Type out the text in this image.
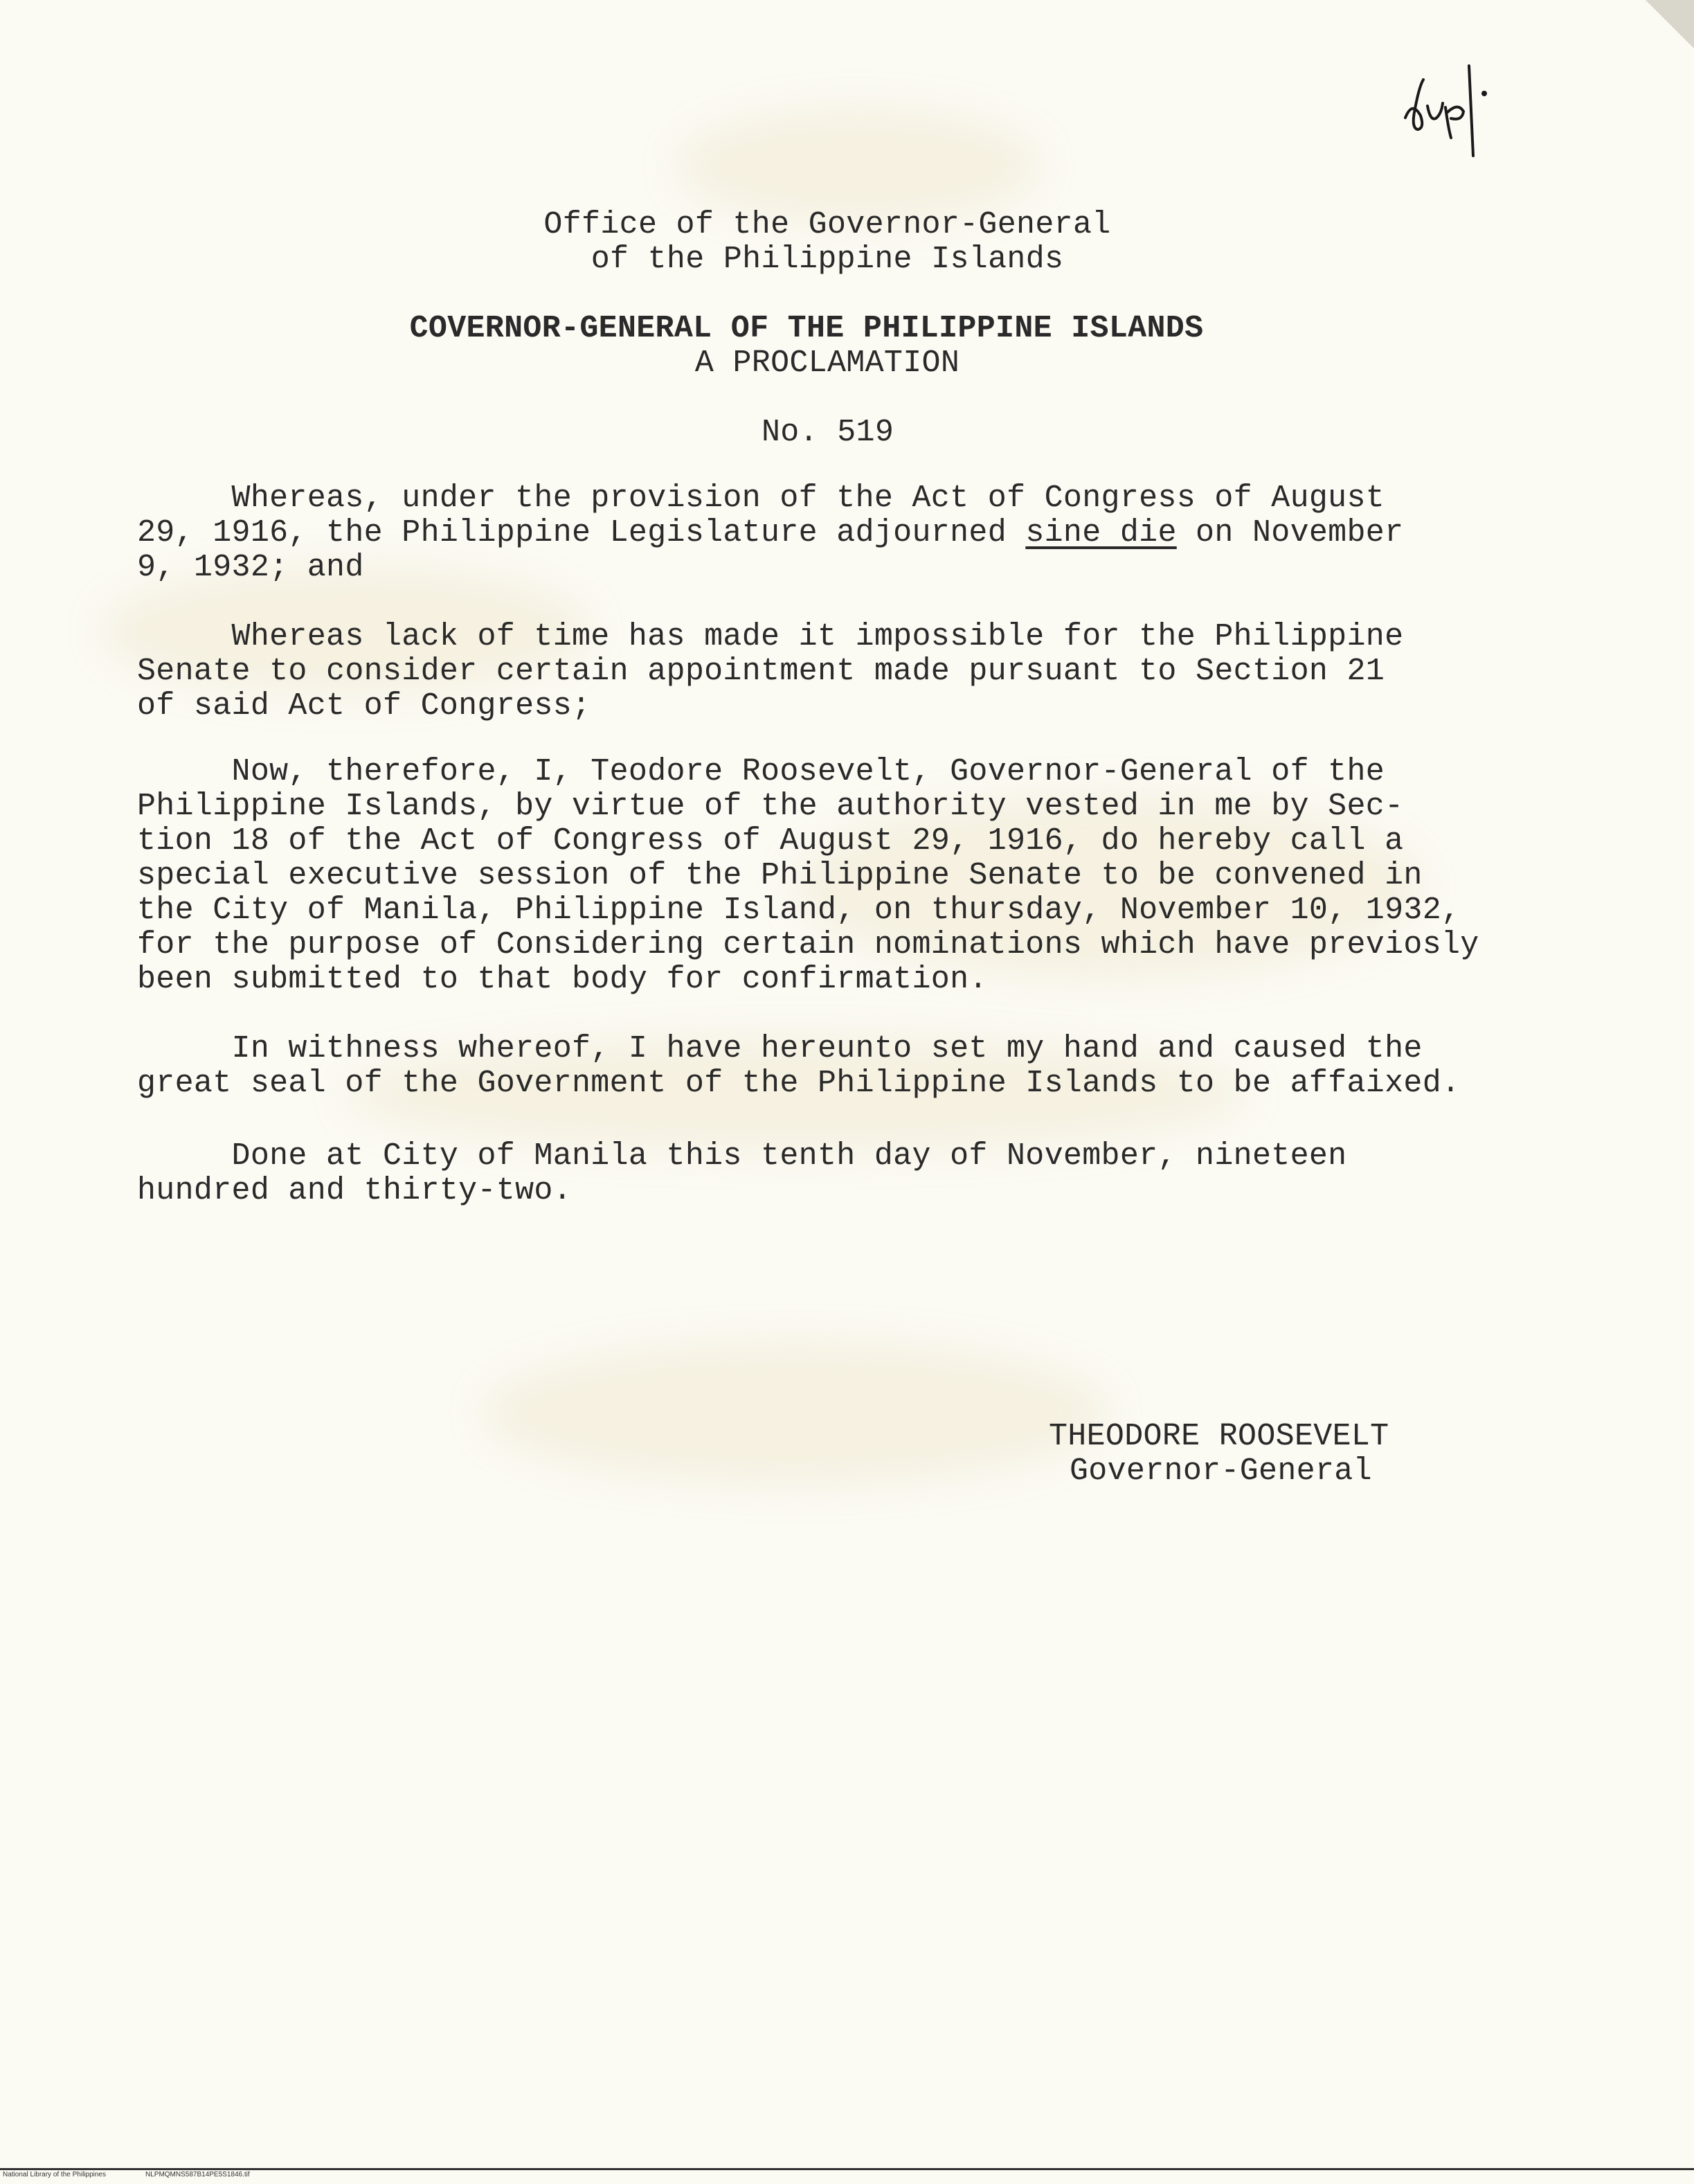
Office of the Governor-General
of the Philippine Islands
COVERNOR-GENERAL OF THE PHILIPPINE ISLANDS
A PROCLAMATION
No. 519
Whereas, under the provision of the Act of Congress of August
29, 1916, the Philippine Legislature adjourned sine die on November
9, 1932; and
Whereas lack of time has made it impossible for the Philippine
Senate to consider certain appointment made pursuant to Section 21
of said Act of Congress;
Now, therefore, I, Teodore Roosevelt, Governor-General of the
Philippine Islands, by virtue of the authority vested in me by Sec-
tion 18 of the Act of Congress of August 29, 1916, do hereby call a
special executive session of the Philippine Senate to be convened in
the City of Manila, Philippine Island, on thursday, November 10, 1932,
for the purpose of Considering certain nominations which have previosly
been submitted to that body for confirmation.
In withness whereof, I have hereunto set my hand and caused the
great seal of the Government of the Philippine Islands to be affaixed.
Done at City of Manila this tenth day of November, nineteen
hundred and thirty-two.
THEODORE ROOSEVELT
Governor-General
National Library of the Philippines	NLPMQMNS587B14PE5S1846.tif
